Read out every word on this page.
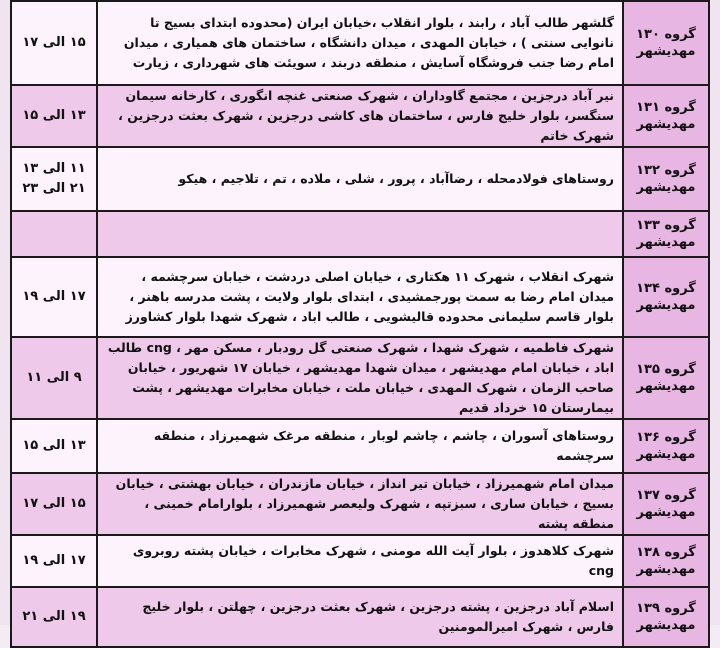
گروه ۱۳۰
مهدیشهر	گلشهر طالب آباد ، رابند ، بلوار انقلاب ،خیابان ایران (محدوده ابتدای بسیج تا نانوایی سنتی ) ، خیابان المهدی ، میدان دانشگاه ، ساختمان های همیاری ، میدان امام رضا جنب فروشگاه آسایش ، منطقه دربند ، سویئت های شهرداری ، زیارت	۱۵ الی ۱۷

گروه ۱۳۱
مهدیشهر	نیر آباد درجزین ، مجتمع گاوداران ، شهرک صنعتی غنچه انگوری ، کارخانه سیمان سنگسر، بلوار خلیج فارس ، ساختمان های کاشی درجزین ، شهرک بعثت درجزین ، شهرک خاتم	۱۳ الی ۱۵

گروه ۱۳۲
مهدیشهر	روستاهای فولادمحله ، رضاآباد ، پرور ، شلی ، ملاده ، تم ، تلاجیم ، هیکو	۱۱ الی ۱۳
۲۱ الی ۲۳

گروه ۱۳۳
مهدیشهر		

گروه ۱۳۴
مهدیشهر	شهرک انقلاب ، شهرک ۱۱ هکتاری ، خیابان اصلی دردشت ، خیابان سرچشمه ، میدان امام رضا به سمت پورجمشیدی ، ابتدای بلوار ولایت ، پشت مدرسه باهنر ، بلوار قاسم سلیمانی محدوده قالیشویی ، طالب اباد ، شهرک شهدا بلوار کشاورز	۱۷ الی ۱۹

گروه ۱۳۵
مهدیشهر	شهرک فاطمیه ، شهرک شهدا ، شهرک صنعتی گل رودبار ، مسکن مهر ، cng طالب اباد ، خیابان امام مهدیشهر ، میدان شهدا مهدیشهر ، خیابان ۱۷ شهریور ، خیابان صاحب الزمان ، شهرک المهدی ، خیابان ملت ، خیابان مخابرات مهدیشهر ، پشت بیمارستان ۱۵ خرداد قدیم	۹ الی ۱۱

گروه ۱۳۶
مهدیشهر	روستاهای آسوران ، چاشم ، چاشم لوبار ، منطقه مرغک شهمیرزاد ، منطقه سرچشمه	۱۳ الی ۱۵

گروه ۱۳۷
مهدیشهر	میدان امام شهمیرزاد ، خیابان تیر انداز ، خیابان مازندران ، خیابان بهشتی ، خیابان بسیج ، خیابان ساری ، سبزتپه ، شهرک ولیعصر شهمیرزاد ، بلوارامام خمینی ، منطقه پشته	۱۵ الی ۱۷

گروه ۱۳۸
مهدیشهر	شهرک کلاهدوز ، بلوار آیت الله مومنی ، شهرک مخابرات ، خیابان پشته روبروی cng	۱۷ الی ۱۹

گروه ۱۳۹
مهدیشهر	اسلام آباد درجزین ، پشته درجزین ، شهرک بعثت درجزین ، چهلتن ، بلوار خلیج فارس ، شهرک امیرالمومنین	۱۹ الی ۲۱
